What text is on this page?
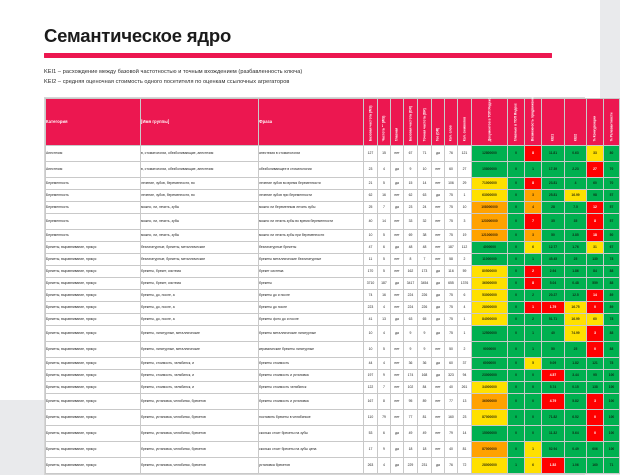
Семантическое ядро
KEI1 – расхождение между базовой частотностью и точным вхождением (разбавленность ключа)
KEI2 – средняя оценочная стоимость одного посетителя по оценкам ссылочных агрегаторов
Категория	[Имя группы]	Фраза	Базовая частота (WS)	Частота "" (WS)	Главная	Базовая частота (DR)	Точная частота (DR)	Гео (DR)	Кол. слов	Кол. символов	Документов в ТОП Яндекс	Главных в ТОП Яндекс	Возможность продвижения	KEI1	KEI2	% Конкуренции	% Релевантности

Анестезия	в, стоматологии, обезболивающие, анестезия	анестезия в стоматологии	127	15	нет	67	71	да	76	121	12800000	0	8	11.81	0.63	33	80
Анестезия	в, стоматологии, обезболивающие, анестезия	обезболивающее в стоматологии	23	4	да	9	10	нет	60	27	15800000	0	1	17.39	2.23	27	70
Беременность	лечение, зубов, беременности, во	лечение зубов во время беременности	21	5	да	15	14	нет	106	29	71000000	0	8	23.81	4	60	70
Беременность	лечение, зубов, беременности, во	лечение зубов при беременности	62	16	нет	62	63	да	75	1	63000000	0	3	25.81	16.99	98	57
Беременность	можно, ли, лечить, зубы	можно ли беременным лечить зубы	25	7	да	23	24	нет	75	10	108000000	0	4	28	7.5	12	57
Беременность	можно, ли, лечить, зубы	можно ли лечить зубы во время беременности	40	14	нет	33	32	нет	75	3	123000000	0	7	35	35	8	57
Беременность	можно, ли, лечить, зубы	можно ли лечить зубы при беременности	10	5	нет	69	38	нет	75	19	121000000	0	3	50	3.85	18	50
Брекеты, выравнивание, прикус	безлигатурные, брекеты, металлические	безлигатурные брекеты	47	6	да	48	48	нет	187	112	4000000	0	6	12.77	1.76	31	67
Брекеты, выравнивание, прикус	безлигатурные, брекеты, металлические	брекеты металлические безлигатурные	11	5	нет	8	7	нет	58	2	11000000	0	1	45.45	25	130	78
Брекеты, выравнивание, прикус	брекеты, брекет, система	брекет система	170	5	нет	162	173	да	116	59	80500000	0	2	2.94	1.86	84	88
Брекеты, выравнивание, прикус	брекеты, брекет, система	брекеты	3710	187	да	3417	3454	да	655	1376	36000000	0	8	5.04	0.48	559	88
Брекеты, выравнивание, прикус	брекеты, до, после, а	брекеты до и после	74	16	нет	224	226	да	75	6	53000000	0	2	20.27	12.5	14	89
Брекеты, выравнивание, прикус	брекеты, до, после, а	брекеты до после	223	4	нет	224	226	да	75	4	28000000	0	1	1.79	16.75	0	89
Брекеты, выравнивание, прикус	брекеты, до, после, а	брекеты фото до и после	41	13	да	63	65	да	75	1	84000000	0	2	51.71	16.99	60	78
Брекеты, выравнивание, прикус	брекеты, лигатурные, металлические	брекеты металлические лигатурные	10	4	да	9	9	да	75	1	12500000	0	1	40	74.99	3	88
Брекеты, выравнивание, прикус	брекеты, лигатурные, металлические	керамические брекеты лигатурные	10	5	нет	9	9	нет	50	2	9000000	0	1	50	25	0	88
Брекеты, выравнивание, прикус	брекеты, стоимость, челябинск, и	брекеты стоимость	44	4	нет	36	36	да	60	37	6000000	0	5	9.09	1.82	121	78
Брекеты, выравнивание, прикус	брекеты, стоимость, челябинск, и	брекеты стоимость и установка	197	9	нет	174	168	да	323	94	23000000	0	0	4.57	3.44	95	100
Брекеты, выравнивание, прикус	брекеты, стоимость, челябинск, и	брекеты стоимость челябинск	122	7	нет	102	84	нет	40	261	34000000	0	0	5.74	0.15	138	100
Брекеты, выравнивание, прикус	брекеты, установка, челябинск, брекетов	брекеты стоимость и установка	167	8	нет	95	89	нет	77	13	36000000	0	0	4.79	5.82	3	100
Брекеты, выравнивание, прикус	брекеты, установка, челябинск, брекетов	поставить брекеты в челябинске	110	79	нет	77	81	нет	160	23	87000000	0	0	71.82	6.52	0	100
Брекеты, выравнивание, прикус	брекеты, установка, челябинск, брекетов	сколько стоит брекеты на зубы	53	6	да	49	49	нет	79	14	15000000	0	0	11.32	5.64	0	100
Брекеты, выравнивание, прикус	брекеты, установка, челябинск, брекетов	сколько стоит брекеты на зубы цена	17	9	да	18	18	нет	40	81	87000000	0	1	52.94	0.49	606	100
Брекеты, выравнивание, прикус	брекеты, установка, челябинск, брекетов	установка брекетов	263	4	да	229	231	да	76	72	28000000	1	6	1.52	1.06	160	71
